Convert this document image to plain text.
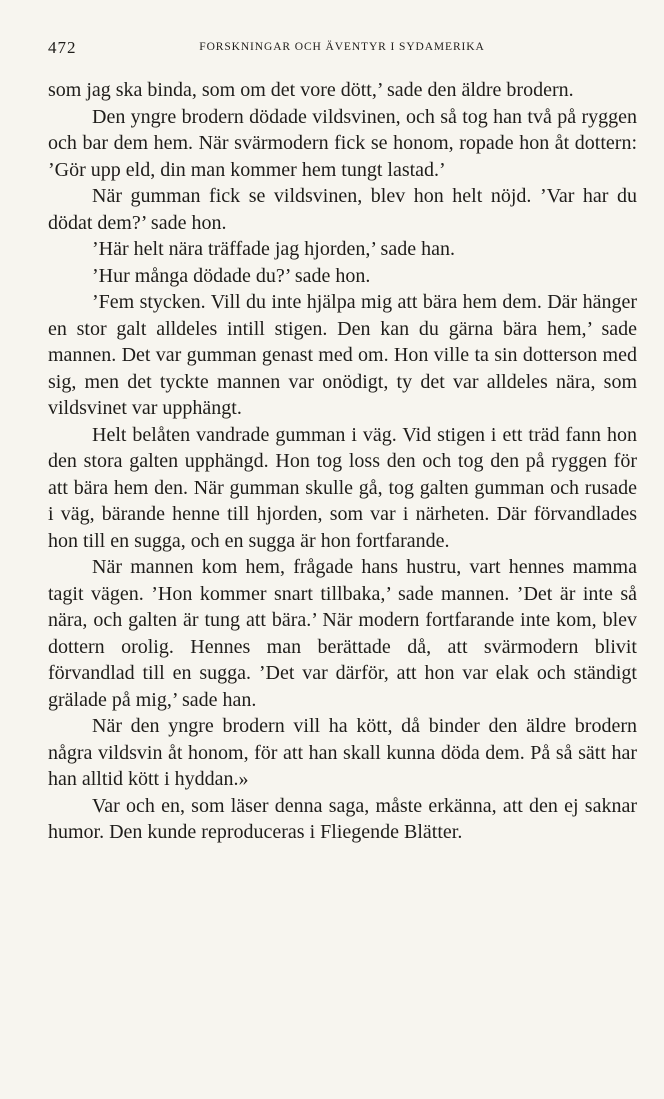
472	FORSKNINGAR OCH ÄVENTYR I SYDAMERIKA

som jag ska binda, som om det vore dött,’ sade den äldre brodern.

Den yngre brodern dödade vildsvinen, och så tog han två på ryggen och bar dem hem. När svärmodern fick se honom, ropade hon åt dottern: ’Gör upp eld, din man kommer hem tungt lastad.’

När gumman fick se vildsvinen, blev hon helt nöjd. ’Var har du dödat dem?’ sade hon.

’Här helt nära träffade jag hjorden,’ sade han.

’Hur många dödade du?’ sade hon.

’Fem stycken. Vill du inte hjälpa mig att bära hem dem. Där hänger en stor galt alldeles intill stigen. Den kan du gärna bära hem,’ sade mannen. Det var gumman genast med om. Hon ville ta sin dotterson med sig, men det tyckte mannen var onödigt, ty det var alldeles nära, som vildsvinet var upphängt.

Helt belåten vandrade gumman i väg. Vid stigen i ett träd fann hon den stora galten upphängd. Hon tog loss den och tog den på ryggen för att bära hem den. När gumman skulle gå, tog galten gumman och rusade i väg, bärande henne till hjorden, som var i närheten. Där förvandlades hon till en sugga, och en sugga är hon fortfarande.

När mannen kom hem, frågade hans hustru, vart hennes mamma tagit vägen. ’Hon kommer snart tillbaka,’ sade mannen. ’Det är inte så nära, och galten är tung att bära.’ När modern fortfarande inte kom, blev dottern orolig. Hennes man berättade då, att svärmodern blivit förvandlad till en sugga. ’Det var därför, att hon var elak och ständigt grälade på mig,’ sade han.

När den yngre brodern vill ha kött, då binder den äldre brodern några vildsvin åt honom, för att han skall kunna döda dem. På så sätt har han alltid kött i hyddan.»

Var och en, som läser denna saga, måste erkänna, att den ej saknar humor. Den kunde reproduceras i Fliegende Blätter.
